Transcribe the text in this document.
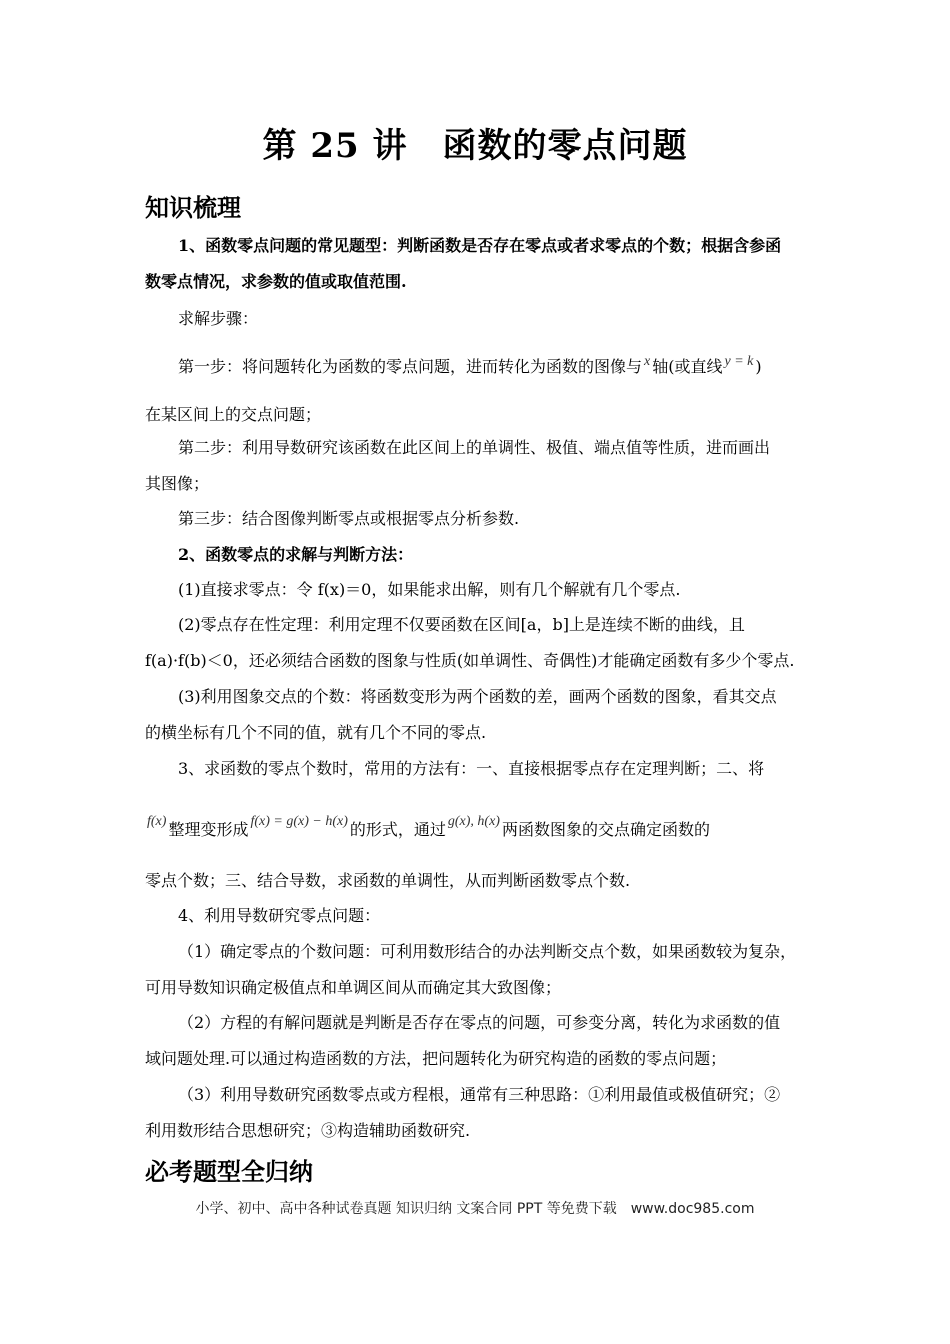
第 25 讲　函数的零点问题
知识梳理
1、函数零点问题的常见题型：判断函数是否存在零点或者求零点的个数；根据含参函
数零点情况，求参数的值或取值范围.
求解步骤：
第一步：将问题转化为函数的零点问题，进而转化为函数的图像与 x 轴(或直线 y = k )
在某区间上的交点问题；
第二步：利用导数研究该函数在此区间上的单调性、极值、端点值等性质，进而画出
其图像；
第三步：结合图像判断零点或根据零点分析参数.
2、函数零点的求解与判断方法：
(1)直接求零点：令 f(x)＝0，如果能求出解，则有几个解就有几个零点.
(2)零点存在性定理：利用定理不仅要函数在区间[a，b]上是连续不断的曲线，且
f(a)·f(b)＜0，还必须结合函数的图象与性质(如单调性、奇偶性)才能确定函数有多少个零点.
(3)利用图象交点的个数：将函数变形为两个函数的差，画两个函数的图象，看其交点
的横坐标有几个不同的值，就有几个不同的零点.
3、求函数的零点个数时，常用的方法有：一、直接根据零点存在定理判断；二、将
f(x) 整理变形成 f(x) = g(x) − h(x) 的形式，通过 g(x), h(x) 两函数图象的交点确定函数的
零点个数；三、结合导数，求函数的单调性，从而判断函数零点个数.
4、利用导数研究零点问题：
（1）确定零点的个数问题：可利用数形结合的办法判断交点个数，如果函数较为复杂，
可用导数知识确定极值点和单调区间从而确定其大致图像；
（2）方程的有解问题就是判断是否存在零点的问题，可参变分离，转化为求函数的值
域问题处理.可以通过构造函数的方法，把问题转化为研究构造的函数的零点问题；
（3）利用导数研究函数零点或方程根，通常有三种思路：①利用最值或极值研究；②
利用数形结合思想研究；③构造辅助函数研究.
必考题型全归纳
小学、初中、高中各种试卷真题 知识归纳 文案合同 PPT 等免费下载　www.doc985.com
